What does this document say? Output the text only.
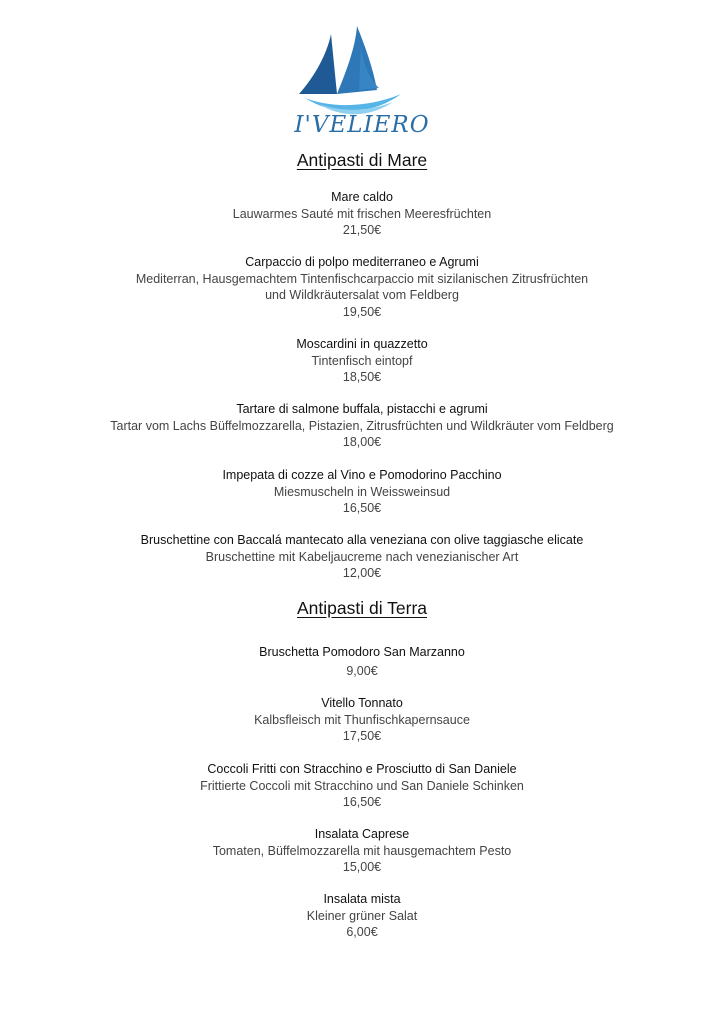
I'VELIERO
Antipasti di Mare
Mare caldo
Lauwarmes Sauté mit frischen Meeresfrüchten
21,50€
Carpaccio di polpo mediterraneo e Agrumi
Mediterran, Hausgemachtem Tintenfischcarpaccio mit sizilanischen Zitrusfrüchten
und Wildkräutersalat vom Feldberg
19,50€
Moscardini in quazzetto
Tintenfisch eintopf
18,50€
Tartare di salmone buffala, pistacchi e agrumi
Tartar vom Lachs Büffelmozzarella, Pistazien, Zitrusfrüchten und Wildkräuter vom Feldberg
18,00€
Impepata di cozze al Vino e Pomodorino Pacchino
Miesmuscheln in Weissweinsud
16,50€
Bruschettine con Baccalá mantecato alla veneziana con olive taggiasche elicate
Bruschettine mit Kabeljaucreme nach venezianischer Art
12,00€
Antipasti di Terra
Bruschetta Pomodoro San Marzanno
9,00€
Vitello Tonnato
Kalbsfleisch mit Thunfischkapernsauce
17,50€
Coccoli Fritti con Stracchino e Prosciutto di San Daniele
Frittierte Coccoli mit Stracchino und San Daniele Schinken
16,50€
Insalata Caprese
Tomaten, Büffelmozzarella mit hausgemachtem Pesto
15,00€
Insalata mista
Kleiner grüner Salat
6,00€
